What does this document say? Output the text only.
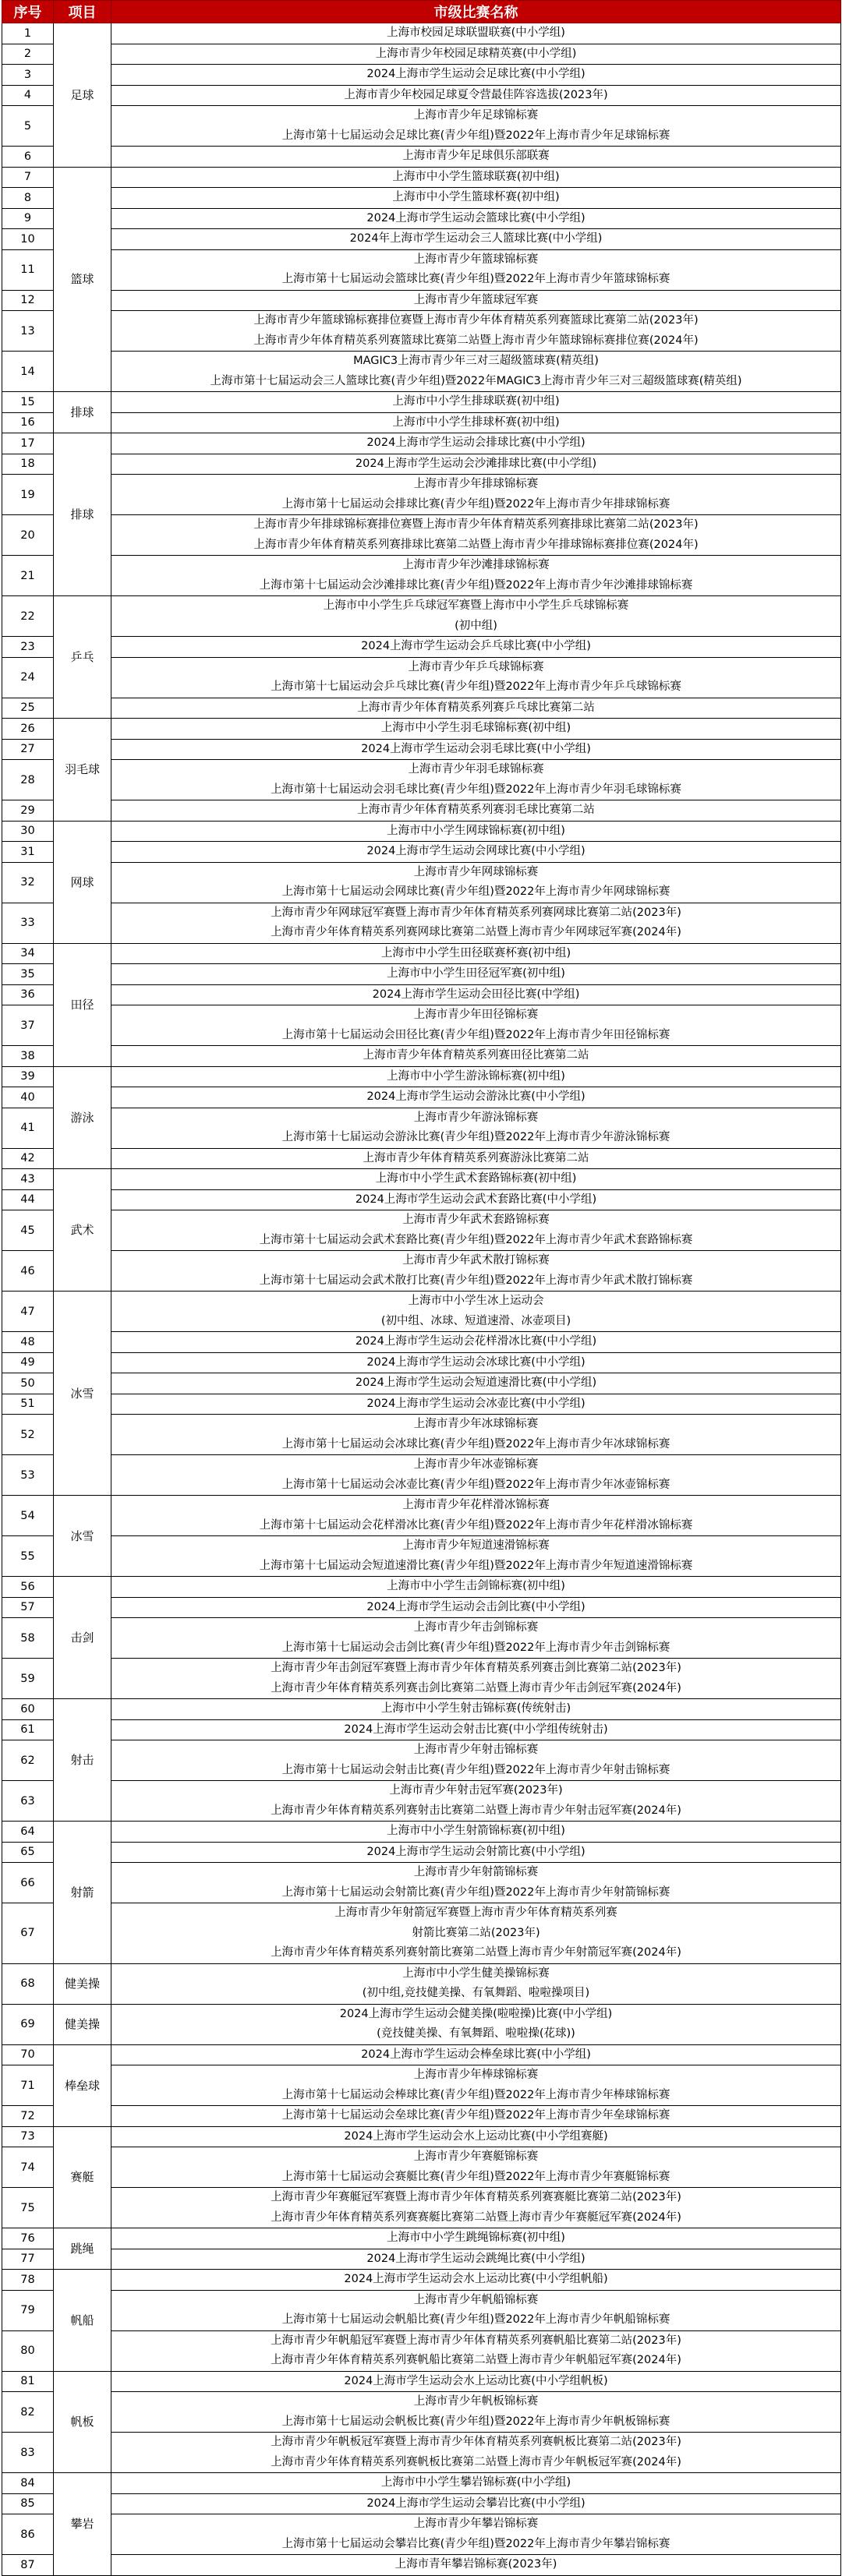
序号	项目	市级比赛名称
1	足球	上海市校园足球联盟联赛(中小学组)

2		上海市青少年校园足球精英赛(中小学组)

3		2024上海市学生运动会足球比赛(中小学组)

4		上海市青少年校园足球夏令营最佳阵容选拔(2023年)

5		上海市青少年足球锦标赛
上海市第十七届运动会足球比赛(青少年组)暨2022年上海市青少年足球锦标赛

6		上海市青少年足球俱乐部联赛

7	篮球	上海市中小学生篮球联赛(初中组)

8		上海市中小学生篮球杯赛(初中组)

9		2024上海市学生运动会篮球比赛(中小学组)

10		2024年上海市学生运动会三人篮球比赛(中小学组)

11		上海市青少年篮球锦标赛
上海市第十七届运动会篮球比赛(青少年组)暨2022年上海市青少年篮球锦标赛

12		上海市青少年篮球冠军赛

13		上海市青少年篮球锦标赛排位赛暨上海市青少年体育精英系列赛篮球比赛第二站(2023年)
上海市青少年体育精英系列赛篮球比赛第二站暨上海市青少年篮球锦标赛排位赛(2024年)

14		MAGIC3上海市青少年三对三超级篮球赛(精英组)
上海市第十七届运动会三人篮球比赛(青少年组)暨2022年MAGIC3上海市青少年三对三超级篮球赛(精英组)

15	排球	上海市中小学生排球联赛(初中组)

16		上海市中小学生排球杯赛(初中组)

17	排球	2024上海市学生运动会排球比赛(中小学组)

18		2024上海市学生运动会沙滩排球比赛(中小学组)

19		上海市青少年排球锦标赛
上海市第十七届运动会排球比赛(青少年组)暨2022年上海市青少年排球锦标赛

20		上海市青少年排球锦标赛排位赛暨上海市青少年体育精英系列赛排球比赛第二站(2023年)
上海市青少年体育精英系列赛排球比赛第二站暨上海市青少年排球锦标赛排位赛(2024年)

21		上海市青少年沙滩排球锦标赛
上海市第十七届运动会沙滩排球比赛(青少年组)暨2022年上海市青少年沙滩排球锦标赛

22	乒乓	上海市中小学生乒乓球冠军赛暨上海市中小学生乒乓球锦标赛
(初中组)

23		2024上海市学生运动会乒乓球比赛(中小学组)

24		上海市青少年乒乓球锦标赛
上海市第十七届运动会乒乓球比赛(青少年组)暨2022年上海市青少年乒乓球锦标赛

25		上海市青少年体育精英系列赛乒乓球比赛第二站

26	羽毛球	上海市中小学生羽毛球锦标赛(初中组)

27		2024上海市学生运动会羽毛球比赛(中小学组)

28		上海市青少年羽毛球锦标赛
上海市第十七届运动会羽毛球比赛(青少年组)暨2022年上海市青少年羽毛球锦标赛

29		上海市青少年体育精英系列赛羽毛球比赛第二站

30	网球	上海市中小学生网球锦标赛(初中组)

31		2024上海市学生运动会网球比赛(中小学组)

32		上海市青少年网球锦标赛
上海市第十七届运动会网球比赛(青少年组)暨2022年上海市青少年网球锦标赛

33		上海市青少年网球冠军赛暨上海市青少年体育精英系列赛网球比赛第二站(2023年)
上海市青少年体育精英系列赛网球比赛第二站暨上海市青少年网球冠军赛(2024年)

34	田径	上海市中小学生田径联赛杯赛(初中组)

35		上海市中小学生田径冠军赛(初中组)

36		2024上海市学生运动会田径比赛(中学组)

37		上海市青少年田径锦标赛
上海市第十七届运动会田径比赛(青少年组)暨2022年上海市青少年田径锦标赛

38		上海市青少年体育精英系列赛田径比赛第二站

39	游泳	上海市中小学生游泳锦标赛(初中组)

40		2024上海市学生运动会游泳比赛(中小学组)

41		上海市青少年游泳锦标赛
上海市第十七届运动会游泳比赛(青少年组)暨2022年上海市青少年游泳锦标赛

42		上海市青少年体育精英系列赛游泳比赛第二站

43	武术	上海市中小学生武术套路锦标赛(初中组)

44		2024上海市学生运动会武术套路比赛(中小学组)

45		上海市青少年武术套路锦标赛
上海市第十七届运动会武术套路比赛(青少年组)暨2022年上海市青少年武术套路锦标赛

46		上海市青少年武术散打锦标赛
上海市第十七届运动会武术散打比赛(青少年组)暨2022年上海市青少年武术散打锦标赛

47	冰雪	上海市中小学生冰上运动会
(初中组、冰球、短道速滑、冰壶项目)

48		2024上海市学生运动会花样滑冰比赛(中小学组)

49		2024上海市学生运动会冰球比赛(中小学组)

50		2024上海市学生运动会短道速滑比赛(中小学组)

51		2024上海市学生运动会冰壶比赛(中小学组)

52		上海市青少年冰球锦标赛
上海市第十七届运动会冰球比赛(青少年组)暨2022年上海市青少年冰球锦标赛

53		上海市青少年冰壶锦标赛
上海市第十七届运动会冰壶比赛(青少年组)暨2022年上海市青少年冰壶锦标赛

54	冰雪	上海市青少年花样滑冰锦标赛
上海市第十七届运动会花样滑冰比赛(青少年组)暨2022年上海市青少年花样滑冰锦标赛

55		上海市青少年短道速滑锦标赛
上海市第十七届运动会短道速滑比赛(青少年组)暨2022年上海市青少年短道速滑锦标赛

56	击剑	上海市中小学生击剑锦标赛(初中组)

57		2024上海市学生运动会击剑比赛(中小学组)

58		上海市青少年击剑锦标赛
上海市第十七届运动会击剑比赛(青少年组)暨2022年上海市青少年击剑锦标赛

59		上海市青少年击剑冠军赛暨上海市青少年体育精英系列赛击剑比赛第二站(2023年)
上海市青少年体育精英系列赛击剑比赛第二站暨上海市青少年击剑冠军赛(2024年)

60	射击	上海市中小学生射击锦标赛(传统射击)

61		2024上海市学生运动会射击比赛(中小学组传统射击)

62		上海市青少年射击锦标赛
上海市第十七届运动会射击比赛(青少年组)暨2022年上海市青少年射击锦标赛

63		上海市青少年射击冠军赛(2023年)
上海市青少年体育精英系列赛射击比赛第二站暨上海市青少年射击冠军赛(2024年)

64	射箭	上海市中小学生射箭锦标赛(初中组)

65		2024上海市学生运动会射箭比赛(中小学组)

66		上海市青少年射箭锦标赛
上海市第十七届运动会射箭比赛(青少年组)暨2022年上海市青少年射箭锦标赛

67		上海市青少年射箭冠军赛暨上海市青少年体育精英系列赛
射箭比赛第二站(2023年)
上海市青少年体育精英系列赛射箭比赛第二站暨上海市青少年射箭冠军赛(2024年)

68	健美操	上海市中小学生健美操锦标赛
(初中组,竞技健美操、有氧舞蹈、啦啦操项目)

69	健美操	2024上海市学生运动会健美操(啦啦操)比赛(中小学组)
(竞技健美操、有氧舞蹈、啦啦操(花球))

70	棒垒球	2024上海市学生运动会棒垒球比赛(中小学组)

71		上海市青少年棒球锦标赛
上海市第十七届运动会棒球比赛(青少年组)暨2022年上海市青少年棒球锦标赛

72		上海市第十七届运动会垒球比赛(青少年组)暨2022年上海市青少年垒球锦标赛

73	赛艇	2024上海市学生运动会水上运动比赛(中小学组赛艇)

74		上海市青少年赛艇锦标赛
上海市第十七届运动会赛艇比赛(青少年组)暨2022年上海市青少年赛艇锦标赛

75		上海市青少年赛艇冠军赛暨上海市青少年体育精英系列赛赛艇比赛第二站(2023年)
上海市青少年体育精英系列赛赛艇比赛第二站暨上海市青少年赛艇冠军赛(2024年)

76	跳绳	上海市中小学生跳绳锦标赛(初中组)

77		2024上海市学生运动会跳绳比赛(中小学组)

78	帆船	2024上海市学生运动会水上运动比赛(中小学组帆船)

79		上海市青少年帆船锦标赛
上海市第十七届运动会帆船比赛(青少年组)暨2022年上海市青少年帆船锦标赛

80		上海市青少年帆船冠军赛暨上海市青少年体育精英系列赛帆船比赛第二站(2023年)
上海市青少年体育精英系列赛帆船比赛第二站暨上海市青少年帆船冠军赛(2024年)

81	帆板	2024上海市学生运动会水上运动比赛(中小学组帆板)

82		上海市青少年帆板锦标赛
上海市第十七届运动会帆板比赛(青少年组)暨2022年上海市青少年帆板锦标赛

83		上海市青少年帆板冠军赛暨上海市青少年体育精英系列赛帆板比赛第二站(2023年)
上海市青少年体育精英系列赛帆板比赛第二站暨上海市青少年帆板冠军赛(2024年)

84	攀岩	上海市中小学生攀岩锦标赛(中小学组)

85		2024上海市学生运动会攀岩比赛(中小学组)

86		上海市青少年攀岩锦标赛
上海市第十七届运动会攀岩比赛(青少年组)暨2022年上海市青少年攀岩锦标赛

87		上海市青年攀岩锦标赛(2023年)
